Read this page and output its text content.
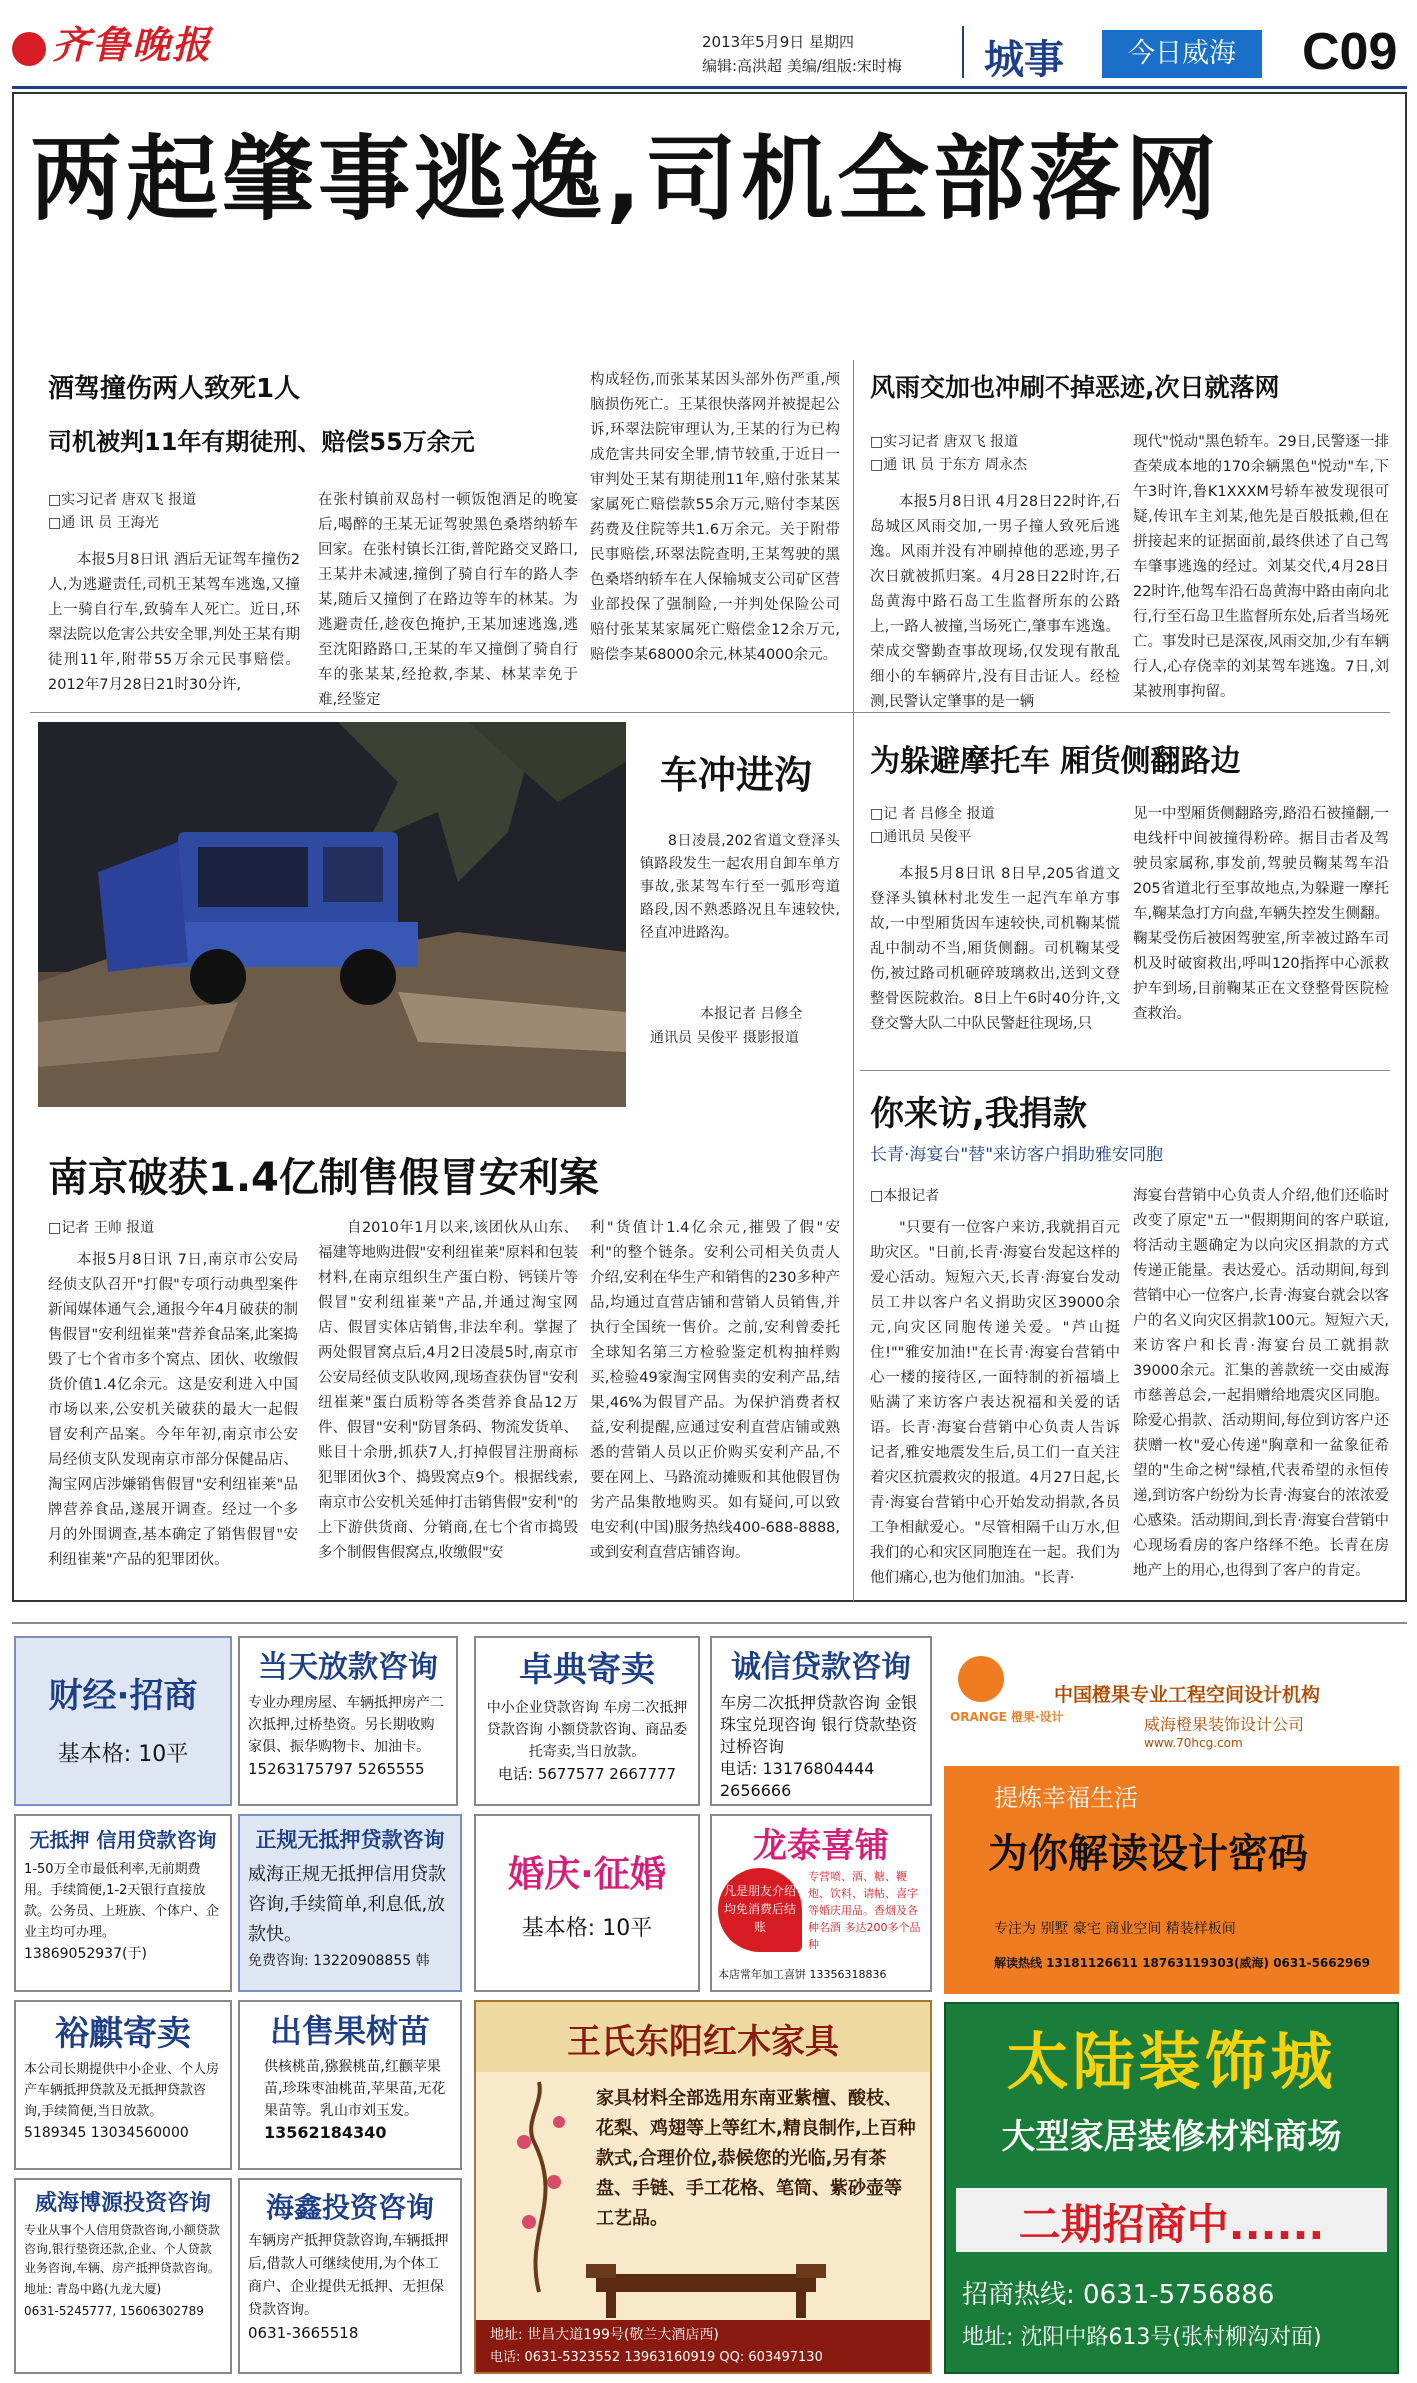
齐鲁晚报	2013年5月9日 星期四
编辑:高洪超 美编/组版:宋时梅 城事	今日威海	C09
两起肇事逃逸,司机全部落网
酒驾撞伤两人致死1人
司机被判11年有期徒刑、赔偿55万余元
□实习记者 唐双飞 报道
□通 讯 员 王海光
本报5月8日讯 酒后无证驾车撞伤2人,为逃避责任,司机王某驾车逃逸,又撞上一骑自行车,致骑车人死亡。近日,环翠法院以危害公共安全罪,判处王某有期徒刑11年,附带55万余元民事赔偿。2012年7月28日21时30分许,
在张村镇前双岛村一顿饭饱酒足的晚宴后,喝醉的王某无证驾驶黑色桑塔纳轿车回家。在张村镇长江街,普陀路交叉路口,王某井未减速,撞倒了骑自行车的路人李某,随后又撞倒了在路边等车的林某。为逃避责任,趁夜色掩护,王某加速逃逸,逃至沈阳路路口,王某的车又撞倒了骑自行车的张某某,经抢救,李某、林某幸免于难,经鉴定
构成轻伤,而张某某因头部外伤严重,颅脑损伤死亡。王某很快落网并被提起公诉,环翠法院审理认为,王某的行为已构成危害共同安全罪,情节较重,于近日一审判处王某有期徒刑11年,赔付张某某家属死亡赔偿款55余万元,赔付李某医药费及住院等共1.6万余元。关于附带民事赔偿,环翠法院查明,王某驾驶的黑色桑塔纳轿车在人保输城支公司矿区营业部投保了强制险,一并判处保险公司赔付张某某家属死亡赔偿金12余万元,赔偿李某68000余元,林某4000余元。
风雨交加也冲刷不掉恶迹,次日就落网
□实习记者 唐双飞 报道
□通 讯 员 于东方 周永杰
本报5月8日讯 4月28日22时许,石岛城区风雨交加,一男子撞人致死后逃逸。风雨并没有冲刷掉他的恶迹,男子次日就被抓归案。4月28日22时许,石岛黄海中路石岛工生监督所东的公路上,一路人被撞,当场死亡,肇事车逃逸。荣成交警勤查事故现场,仅发现有散乱细小的车辆碎片,没有目击证人。经检测,民警认定肇事的是一辆
现代"悦动"黑色轿车。29日,民警逐一排查荣成本地的170余辆黑色"悦动"车,下午3时许,鲁K1XXXM号轿车被发现很可疑,传讯车主刘某,他先是百般抵赖,但在拼接起来的证据面前,最终供述了自己驾车肇事逃逸的经过。刘某交代,4月28日22时许,他驾车沿石岛黄海中路由南向北行,行至石岛卫生监督所东处,后者当场死亡。事发时已是深夜,风雨交加,少有车辆行人,心存侥幸的刘某驾车逃逸。7日,刘某被刑事拘留。
车冲进沟
8日凌晨,202省道文登泽头镇路段发生一起农用自卸车单方事故,张某驾车行至一弧形弯道路段,因不熟悉路况且车速较快,径直冲进路沟。
本报记者 吕修全
通讯员 吴俊平 摄影报道
为躲避摩托车 厢货侧翻路边
□记 者 吕修全 报道
□通讯员 吴俊平
本报5月8日讯 8日早,205省道文登泽头镇林村北发生一起汽车单方事故,一中型厢货因车速较快,司机鞠某慌乱中制动不当,厢货侧翻。司机鞠某受伤,被过路司机砸碎玻璃救出,送到文登整骨医院救治。8日上午6时40分许,文登交警大队二中队民警赶往现场,只
见一中型厢货侧翻路旁,路沿石被撞翻,一电线杆中间被撞得粉碎。据目击者及驾驶员家属称,事发前,驾驶员鞠某驾车沿205省道北行至事故地点,为躲避一摩托车,鞠某急打方向盘,车辆失控发生侧翻。鞠某受伤后被困驾驶室,所幸被过路车司机及时破窗救出,呼叫120指挥中心派救护车到场,目前鞠某正在文登整骨医院检查救治。
你来访,我捐款
长青·海宴台"替"来访客户捐助雅安同胞
□本报记者
"只要有一位客户来访,我就捐百元助灾区。"日前,长青·海宴台发起这样的爱心活动。短短六天,长青·海宴台发动员工井以客户名义捐助灾区39000余元,向灾区同胞传递关爱。"芦山挺住!""雅安加油!"在长青·海宴台营销中心一楼的接待区,一面特制的祈福墙上贴满了来访客户表达祝福和关爱的话语。长青·海宴台营销中心负责人告诉记者,雅安地震发生后,员工们一直关注着灾区抗震救灾的报道。4月27日起,长青·海宴台营销中心开始发动捐款,各员工争相献爱心。"尽管相隔千山万水,但我们的心和灾区同胞连在一起。我们为他们痛心,也为他们加油。"长青·
海宴台营销中心负责人介绍,他们还临时改变了原定"五一"假期期间的客户联谊,将活动主题确定为以向灾区捐款的方式传递正能量。表达爱心。活动期间,每到营销中心一位客户,长青·海宴台就会以客户的名义向灾区捐款100元。短短六天,来访客户和长青·海宴台员工就捐款39000余元。汇集的善款统一交由威海市慈善总会,一起捐赠给地震灾区同胞。除爱心捐款、活动期间,每位到访客户还获赠一枚"爱心传递"胸章和一盆象征希望的"生命之树"绿植,代表希望的永恒传递,到访客户纷纷为长青·海宴台的浓浓爱心感染。活动期间,到长青·海宴台营销中心现场看房的客户络绎不绝。长青在房地产上的用心,也得到了客户的肯定。
南京破获1.4亿制售假冒安利案
□记者 王帅 报道
本报5月8日讯 7日,南京市公安局经侦支队召开"打假"专项行动典型案件新闻媒体通气会,通报今年4月破获的制售假冒"安利纽崔莱"营养食品案,此案捣毁了七个省市多个窝点、团伙、收缴假货价值1.4亿余元。这是安利进入中国市场以来,公安机关破获的最大一起假冒安利产品案。今年年初,南京市公安局经侦支队发现南京市部分保健品店、淘宝网店涉嫌销售假冒"安利纽崔莱"品牌营养食品,遂展开调查。经过一个多月的外围调查,基本确定了销售假冒"安利纽崔莱"产品的犯罪团伙。
自2010年1月以来,该团伙从山东、福建等地购进假"安利纽崔莱"原料和包装材料,在南京组织生产蛋白粉、钙镁片等假冒"安利纽崔莱"产品,并通过淘宝网店、假冒实体店销售,非法牟利。掌握了两处假冒窝点后,4月2日凌晨5时,南京市公安局经侦支队收网,现场查获伪冒"安利纽崔莱"蛋白质粉等各类营养食品12万件、假冒"安利"防冒条码、物流发货单、账目十余册,抓获7人,打掉假冒注册商标犯罪团伙3个、捣毁窝点9个。根据线索,南京市公安机关延伸打击销售假"安利"的上下游供货商、分销商,在七个省市捣毁多个制假售假窝点,收缴假"安
利"货值计1.4亿余元,摧毁了假"安利"的整个链条。安利公司相关负责人介绍,安利在华生产和销售的230多种产品,均通过直营店铺和营销人员销售,并执行全国统一售价。之前,安利曾委托全球知名第三方检验鉴定机构抽样购买,检验49家淘宝网售卖的安利产品,结果,46%为假冒产品。为保护消费者权益,安利提醒,应通过安利直营店铺或熟悉的营销人员以正价购买安利产品,不要在网上、马路流动摊贩和其他假冒伪劣产品集散地购买。如有疑问,可以致电安利(中国)服务热线400-688-8888,或到安利直营店铺咨询。
财经·招商
基本格: 10平
当天放款咨询
专业办理房屋、车辆抵押房产二次抵押,过桥垫资。另长期收购家俱、振华购物卡、加油卡。
15263175797 5265555
卓典寄卖
中小企业贷款咨询 车房二次抵押贷款咨询 小额贷款咨询、商品委托寄卖,当日放款。
电话: 5677577 2667777
诚信贷款咨询
车房二次抵押贷款咨询 金银珠宝兑现咨询 银行贷款垫资过桥咨询
电话: 13176804444 2656666
ORANGE 橙果·设计
中国橙果专业工程空间设计机构
威海橙果装饰设计公司
www.70hcg.com
提炼幸福生活
为你解读设计密码
专注为 别墅 豪宅 商业空间 精装样板间
解读热线 13181126611 18763119303(威海) 0631-5662969
无抵押 信用贷款咨询
1-50万全市最低利率,无前期费用。手续简便,1-2天银行直接放款。公务员、上班族、个体户、企业主均可办理。
13869052937(于)
正规无抵押贷款咨询
威海正规无抵押信用贷款咨询,手续简单,利息低,放款快。
免费咨询: 13220908855 韩
婚庆·征婚
基本格: 10平
龙泰喜铺
凡是朋友介绍均免消费后结账
专营喷、酒、糖、鞭炮、饮料、请帖、喜字等婚庆用品。香烟及各种名酒 多达200多个品种
本店常年加工喜饼 13356318836
裕麒寄卖
本公司长期提供中小企业、个人房产车辆抵押贷款及无抵押贷款咨询,手续简便,当日放款。
5189345 13034560000
出售果树苗
供核桃苗,猕猴桃苗,红颧苹果苗,珍珠枣油桃苗,苹果苗,无花果苗等。乳山市刘玉发。
13562184340
王氏东阳红木家具
家具材料全部选用东南亚紫檀、酸枝、花梨、鸡翅等上等红木,精良制作,上百种款式,合理价位,恭候您的光临,另有茶盘、手链、手工花格、笔筒、紫砂壶等工艺品。
地址: 世昌大道199号(敬兰大酒店西)
电话: 0631-5323552 13963160919 QQ: 603497130
太陆装饰城
大型家居装修材料商场
二期招商中......
招商热线: 0631-5756886
地址: 沈阳中路613号(张村柳沟对面)
威海博源投资咨询
专业从事个人信用贷款咨询,小额贷款咨询,银行垫资还款,企业、个人贷款业务咨询,车辆、房产抵押贷款咨询。
地址: 青岛中路(九龙大厦)
0631-5245777, 15606302789
海鑫投资咨询
车辆房产抵押贷款咨询,车辆抵押后,借款人可继续使用,为个体工商户、企业提供无抵押、无担保贷款咨询。
0631-3665518
